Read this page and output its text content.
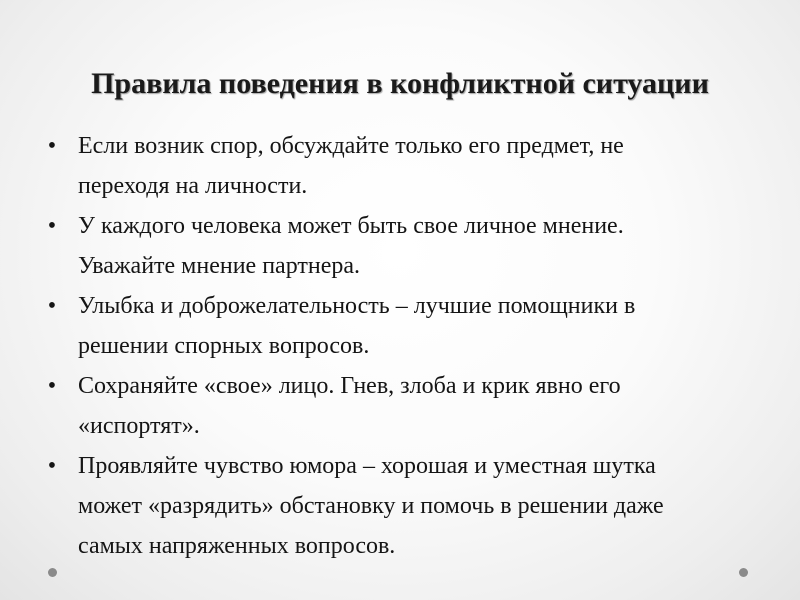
Правила поведения в конфликтной ситуации
• Если возник спор, обсуждайте только его предмет, не
переходя на личности.
• У каждого человека может быть свое личное мнение.
Уважайте мнение партнера.
• Улыбка и доброжелательность – лучшие помощники в
решении спорных вопросов.
• Сохраняйте «свое» лицо. Гнев, злоба и крик явно его
«испортят».
• Проявляйте чувство юмора – хорошая и уместная шутка
может «разрядить» обстановку и помочь в решении даже
самых напряженных вопросов.
